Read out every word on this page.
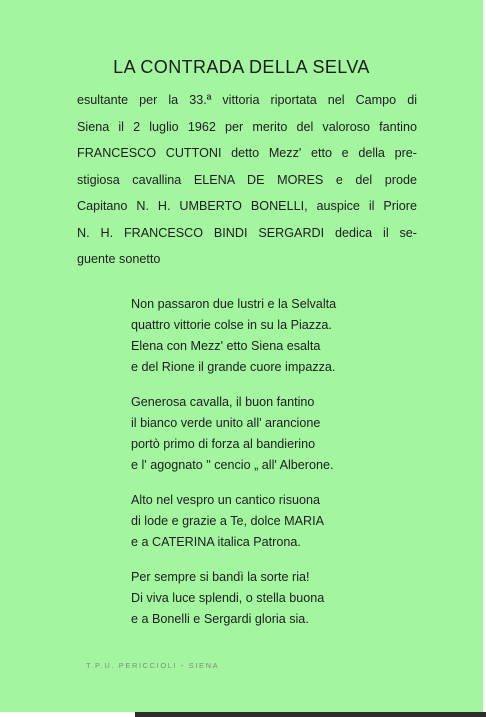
LA CONTRADA DELLA SELVA
esultante per la 33.ª vittoria riportata nel Campo di
Siena il 2 luglio 1962 per merito del valoroso fantino
FRANCESCO CUTTONI detto Mezz' etto e della pre-
stigiosa cavallina ELENA DE MORES e del prode
Capitano N. H. UMBERTO BONELLI, auspice il Priore
N. H. FRANCESCO BINDI SERGARDI dedica il se-
guente sonetto
Non passaron due lustri e la Selvalta
quattro vittorie colse in su la Piazza.
Elena con Mezz' etto Siena esalta
e del Rione il grande cuore impazza.
Generosa cavalla, il buon fantino
il bianco verde unito all' arancione
portò primo di forza al bandierino
e l' agognato " cencio „ all' Alberone.
Alto nel vespro un cantico risuona
di lode e grazie a Te, dolce MARIA
e a CATERINA italica Patrona.
Per sempre si bandì la sorte ria!
Di viva luce splendi, o stella buona
e a Bonelli e Sergardi gloria sia.
T.P.U. PERICCIOLI - SIENA
